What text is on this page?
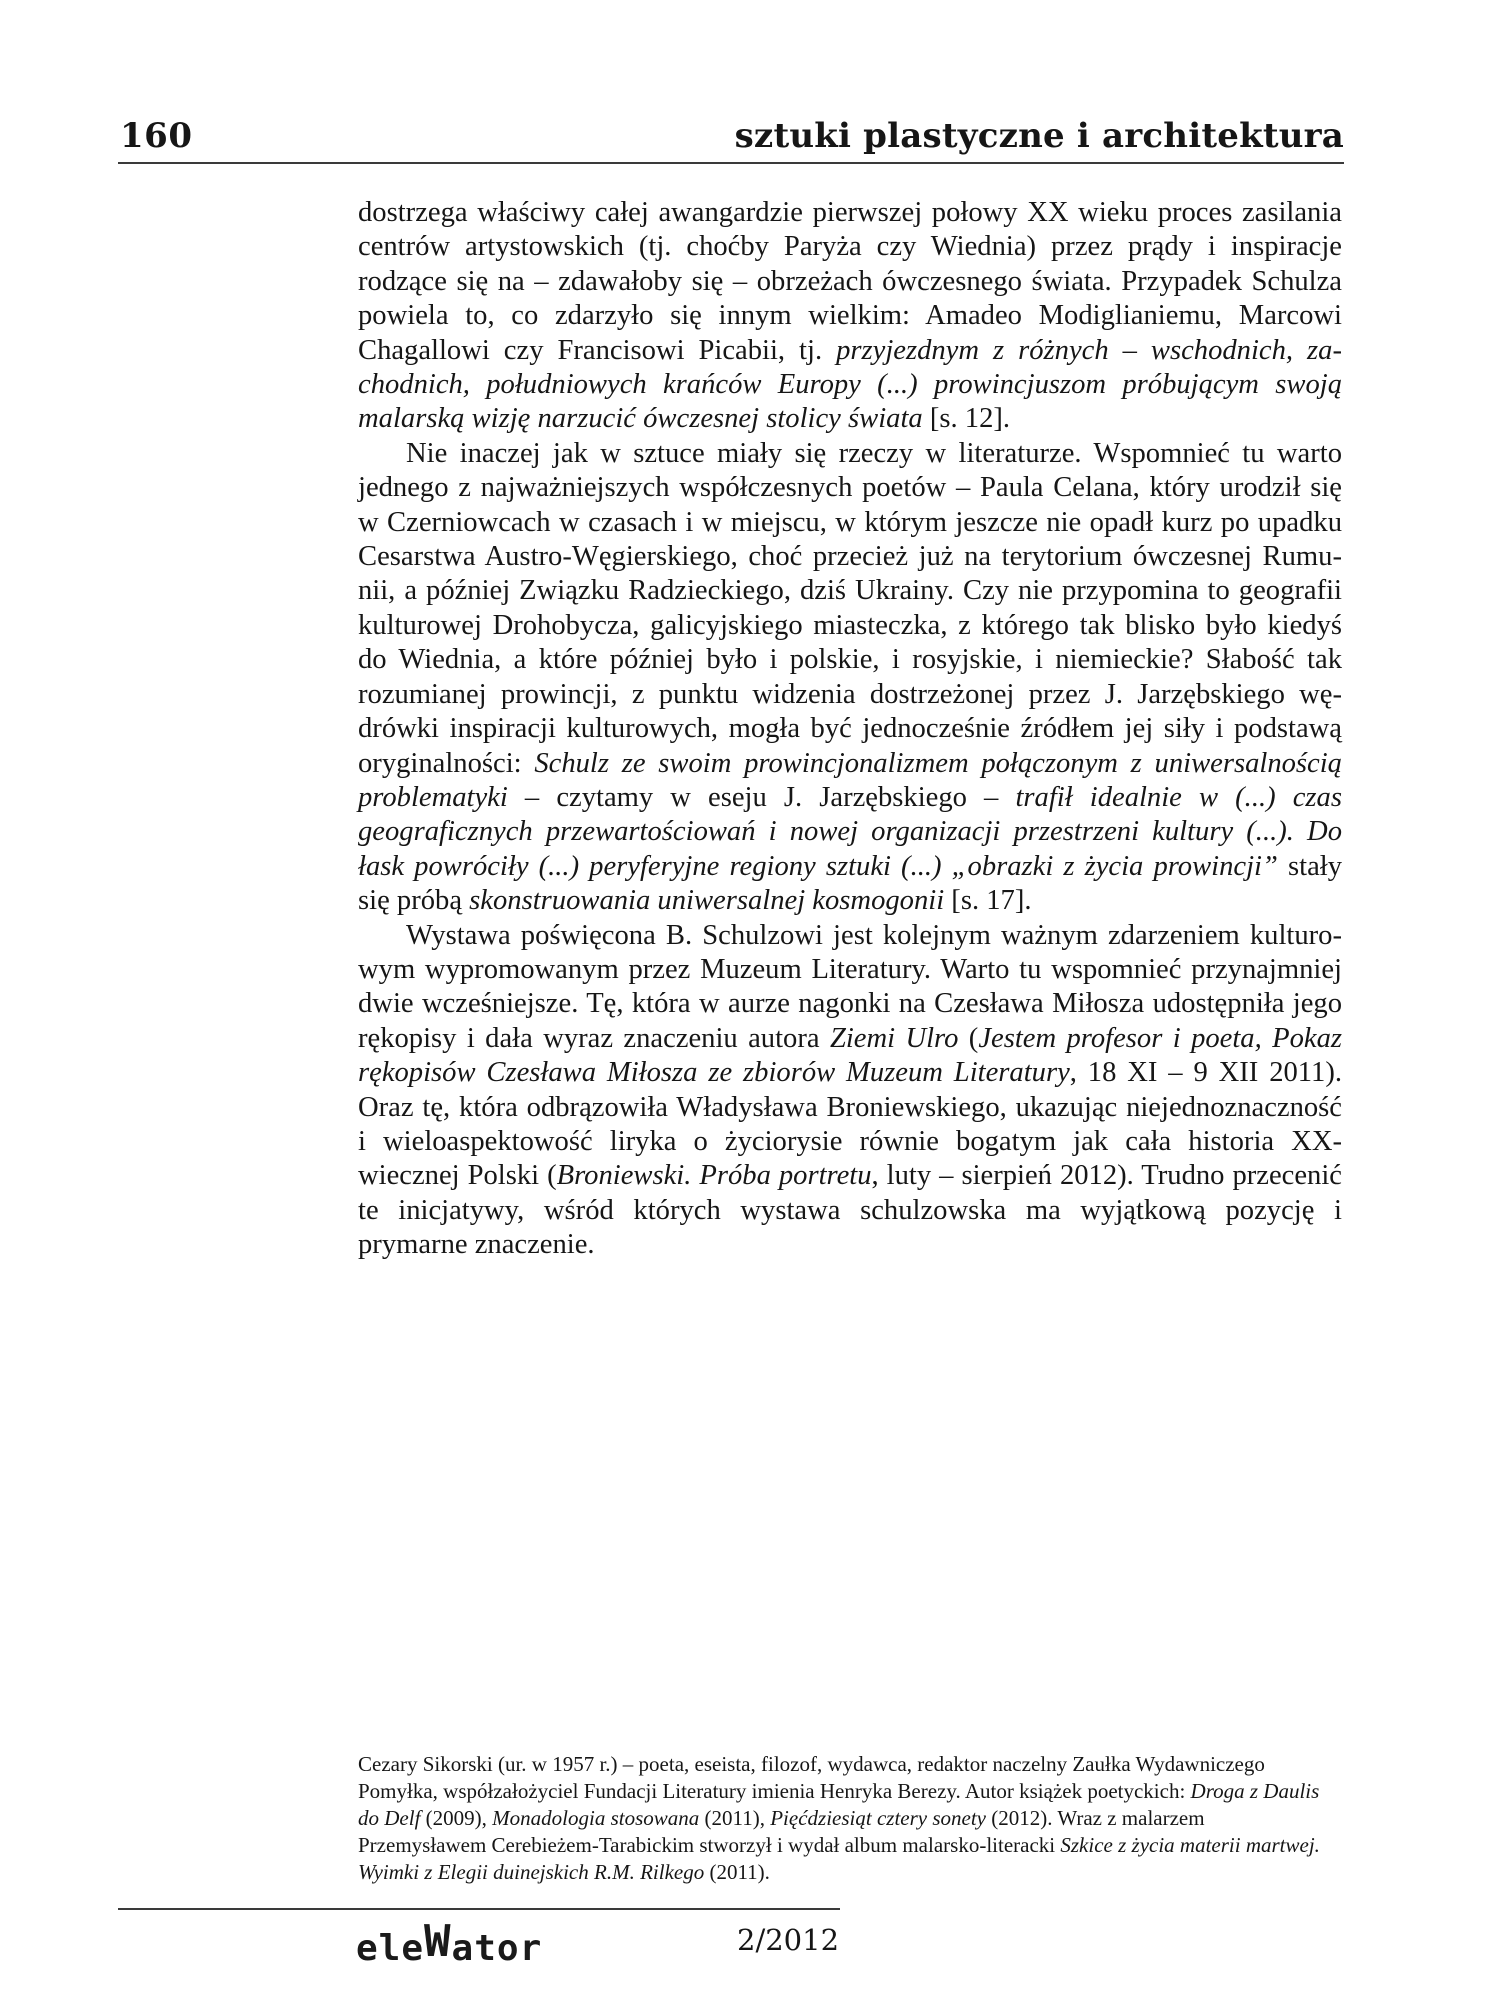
160	sztuki plastyczne i architektura

dostrzega właściwy całej awangardzie pierwszej połowy XX wieku proces zasilania centrów artystowskich (tj. choćby Paryża czy Wiednia) przez prądy i inspiracje rodzące się na – zdawałoby się – obrzeżach ówczesnego świata. Przypadek Schulza powiela to, co zdarzyło się innym wielkim: Amadeo Modiglianiemu, Marcowi Chagallowi czy Francisowi Picabii, tj. przyjezdnym z różnych – wschodnich, zachodnich, południowych krańców Europy (...) prowincjuszom próbującym swoją malarską wizję narzucić ówczesnej stolicy świata [s. 12].

Nie inaczej jak w sztuce miały się rzeczy w literaturze. Wspomnieć tu warto jednego z najważniejszych współczesnych poetów – Paula Celana, który urodził się w Czerniowcach w czasach i w miejscu, w którym jeszcze nie opadł kurz po upadku Cesarstwa Austro-Węgierskiego, choć przecież już na terytorium ówczesnej Rumunii, a później Związku Radzieckiego, dziś Ukrainy. Czy nie przypomina to geografii kulturowej Drohobycza, galicyjskiego miasteczka, z którego tak blisko było kiedyś do Wiednia, a które później było i polskie, i rosyjskie, i niemieckie? Słabość tak rozumianej prowincji, z punktu widzenia dostrzeżonej przez J. Jarzębskiego wędrówki inspiracji kulturowych, mogła być jednocześnie źródłem jej siły i podstawą oryginalności: Schulz ze swoim prowincjonalizmem połączonym z uniwersalnością problematyki – czytamy w eseju J. Jarzębskiego – trafił idealnie w (...) czas geograficznych przewartościowań i nowej organizacji przestrzeni kultury (...). Do łask powróciły (...) peryferyjne regiony sztuki (...) „obrazki z życia prowincji” stały się próbą skonstruowania uniwersalnej kosmogonii [s. 17].

Wystawa poświęcona B. Schulzowi jest kolejnym ważnym zdarzeniem kulturowym wypromowanym przez Muzeum Literatury. Warto tu wspomnieć przynajmniej dwie wcześniejsze. Tę, która w aurze nagonki na Czesława Miłosza udostępniła jego rękopisy i dała wyraz znaczeniu autora Ziemi Ulro (Jestem profesor i poeta, Pokaz rękopisów Czesława Miłosza ze zbiorów Muzeum Literatury, 18 XI – 9 XII 2011). Oraz tę, która odbrązowiła Władysława Broniewskiego, ukazując niejednoznaczność i wieloaspektowość liryka o życiorysie równie bogatym jak cała historia XX-wiecznej Polski (Broniewski. Próba portretu, luty – sierpień 2012). Trudno przecenić te inicjatywy, wśród których wystawa schulzowska ma wyjątkową pozycję i prymarne znaczenie.

Cezary Sikorski (ur. w 1957 r.) – poeta, eseista, filozof, wydawca, redaktor naczelny Zaułka Wydawniczego Pomyłka, współzałożyciel Fundacji Literatury imienia Henryka Berezy. Autor książek poetyckich: Droga z Daulis do Delf (2009), Monadologia stosowana (2011), Pięćdziesiąt cztery sonety (2012). Wraz z malarzem Przemysławem Cerebieżem-Tarabickim stworzył i wydał album malarsko-literacki Szkice z życia materii martwej. Wyimki z Elegii duinejskich R.M. Rilkego (2011).

eleWator	2/2012
